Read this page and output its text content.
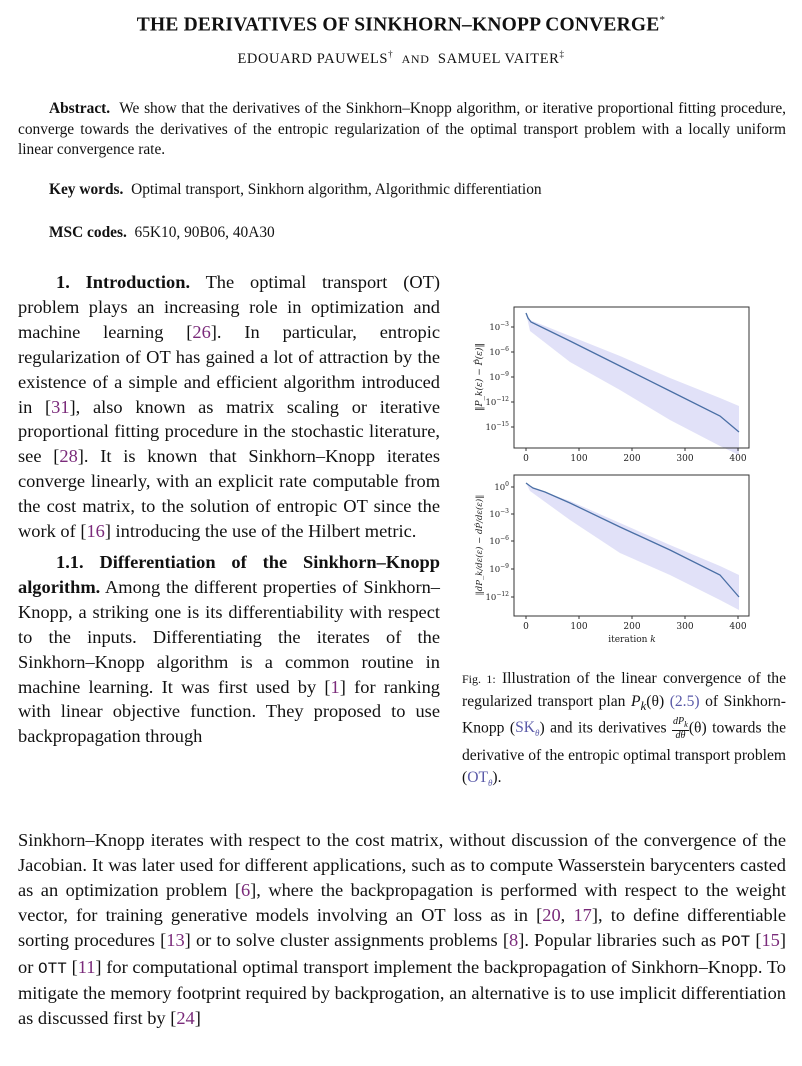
THE DERIVATIVES OF SINKHORN–KNOPP CONVERGE*
EDOUARD PAUWELS† AND SAMUEL VAITER‡
Abstract. We show that the derivatives of the Sinkhorn–Knopp algorithm, or iterative proportional fitting procedure, converge towards the derivatives of the entropic regularization of the optimal transport problem with a locally uniform linear convergence rate.
Key words. Optimal transport, Sinkhorn algorithm, Algorithmic differentiation
MSC codes. 65K10, 90B06, 40A30

1. Introduction. The optimal transport (OT) problem plays an increasing role in optimization and machine learning [26]. In particular, entropic regularization of OT has gained a lot of attraction by the existence of a simple and efficient algorithm introduced in [31], also known as matrix scaling or iterative proportional fitting procedure in the stochastic literature, see [28]. It is known that Sinkhorn–Knopp iterates converge linearly, with an explicit rate computable from the cost matrix, to the solution of entropic OT since the work of [16] introducing the use of the Hilbert metric.

1.1. Differentiation of the Sinkhorn–Knopp algorithm. Among the different properties of Sinkhorn–Knopp, a striking one is its differentiability with respect to the inputs. Differentiating the iterates of the Sinkhorn–Knopp algorithm is a common routine in machine learning. It was first used by [1] for ranking with linear objective function. They proposed to use backpropagation through

Sinkhorn–Knopp iterates with respect to the cost matrix, without discussion of the convergence of the Jacobian. It was later used for different applications, such as to compute Wasserstein barycenters casted as an optimization problem [6], where the backpropagation is performed with respect to the weight vector, for training generative models involving an OT loss as in [20, 17], to define differentiable sorting procedures [13] or to solve cluster assignments problems [8]. Popular libraries such as POT [15] or OTT [11] for computational optimal transport implement the backpropagation of Sinkhorn–Knopp. To mitigate the memory footprint required by backprogation, an alternative is to use implicit differentiation as discussed first by [24]
$10^{-3}$
$10^{-6}$
$10^{-9}$
$10^{-12}$
$10^{-15}$
0	100	200	300	400
‖P_k(ε) − P̂(ε)‖
$10^0$
$10^{-3}$
$10^{-6}$
$10^{-9}$
$10^{-12}$
0	100	200	300	400
iteration k
‖dP_k/dε(ε) − dP̂/dε(ε)‖
Fig. 1: Illustration of the linear convergence of the regularized transport plan $P_k(\theta)$ (2.5) of Sinkhorn-Knopp $(SK_\theta)$ and its derivatives $\frac{dP_k}{d\theta} (\theta)$ towards the derivative of the entropic optimal transport problem $(OT_\theta)$.
